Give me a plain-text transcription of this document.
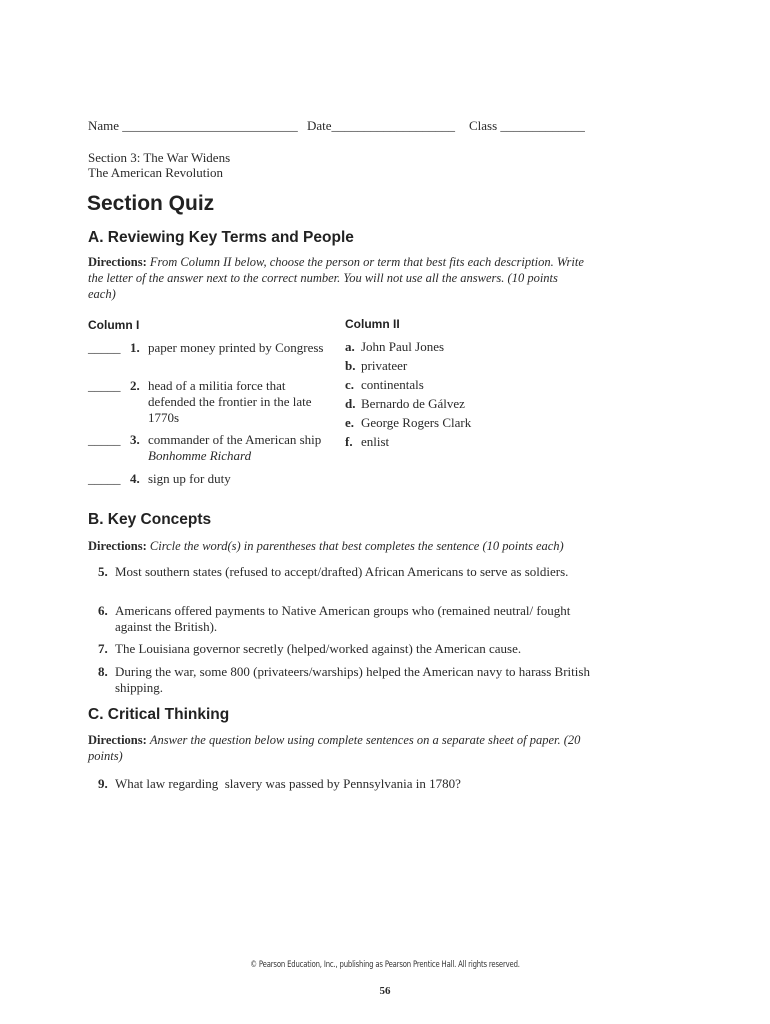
Name ___________________________ Date___________________ Class _____________
Section 3: The War Widens
The American Revolution
Section Quiz
A. Reviewing Key Terms and People
Directions: From Column II below, choose the person or term that best fits each description. Write the letter of the answer next to the correct number. You will not use all the answers. (10 points each)
Column I	Column II
_____ 1. paper money printed by Congress
_____ 2. head of a militia force that defended the frontier in the late 1770s
_____ 3. commander of the American ship Bonhomme Richard
_____ 4. sign up for duty
a. John Paul Jones
b. privateer
c. continentals
d. Bernardo de Gálvez
e. George Rogers Clark
f. enlist
B. Key Concepts
Directions: Circle the word(s) in parentheses that best completes the sentence (10 points each)
5. Most southern states (refused to accept/drafted) African Americans to serve as soldiers.
6. Americans offered payments to Native American groups who (remained neutral/ fought against the British).
7. The Louisiana governor secretly (helped/worked against) the American cause.
8. During the war, some 800 (privateers/warships) helped the American navy to harass British shipping.
C. Critical Thinking
Directions: Answer the question below using complete sentences on a separate sheet of paper. (20 points)
9. What law regarding  slavery was passed by Pennsylvania in 1780?
© Pearson Education, Inc., publishing as Pearson Prentice Hall. All rights reserved.
56
